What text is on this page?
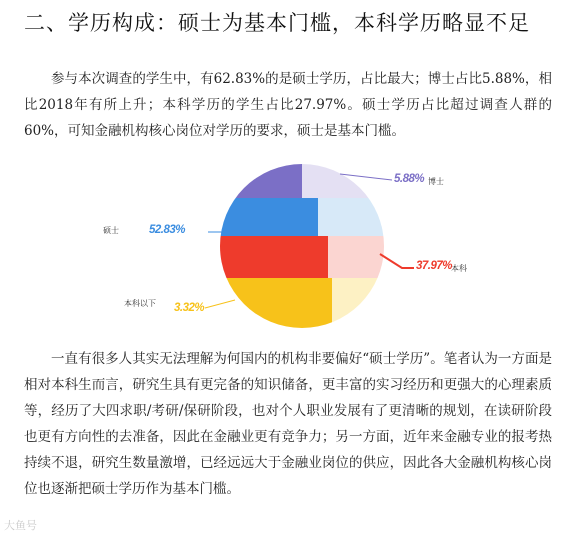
二、学历构成：硕士为基本门槛，本科学历略显不足

参与本次调查的学生中，有62.83%的是硕士学历，占比最大；博士占比5.88%，相比2018年有所上升；本科学历的学生占比27.97%。硕士学历占比超过调查人群的60%，可知金融机构核心岗位对学历的要求，硕士是基本门槛。

5.88% 博士
硕士	52.83%
37.97%
本科
本科以下 3.32%

一直有很多人其实无法理解为何国内的机构非要偏好“硕士学历”。笔者认为一方面是相对本科生而言，研究生具有更完备的知识储备，更丰富的实习经历和更强大的心理素质等，经历了大四求职/考研/保研阶段，也对个人职业发展有了更清晰的规划，在读研阶段也更有方向性的去准备，因此在金融业更有竞争力；另一方面，近年来金融专业的报考热持续不退，研究生数量激增，已经远远大于金融业岗位的供应，因此各大金融机构核心岗位也逐渐把硕士学历作为基本门槛。

大鱼号
